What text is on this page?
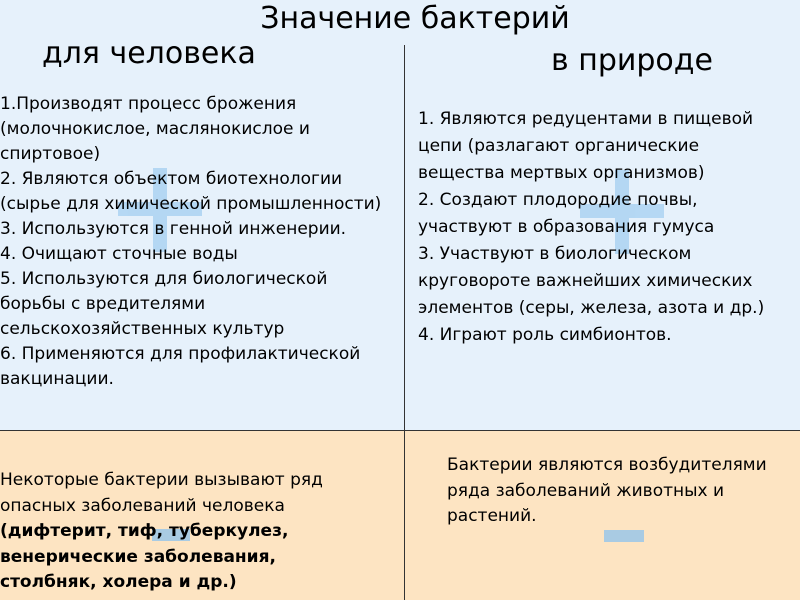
Значение бактерий
для человека	в природе
1.Производят процесс брожения
(молочнокислое, маслянокислое и
спиртовое)
2. Являются объектом биотехнологии
(сырье для химической промышленности)
3. Используются в генной инженерии.
4. Очищают сточные воды
5. Используются для биологической
борьбы с вредителями
сельскохозяйственных культур
6. Применяются для профилактической
вакцинации.
1. Являются редуцентами в пищевой
цепи (разлагают органические
вещества мертвых организмов)
2. Создают плодородие почвы,
участвуют в образования гумуса
3. Участвуют в биологическом
круговороте важнейших химических
элементов (серы, железа, азота и др.)
4. Играют роль симбионтов.
Некоторые бактерии вызывают ряд
опасных заболеваний человека
(дифтерит, тиф, туберкулез,
венерические заболевания,
столбняк, холера и др.)
Бактерии являются возбудителями
ряда заболеваний животных и
растений.
